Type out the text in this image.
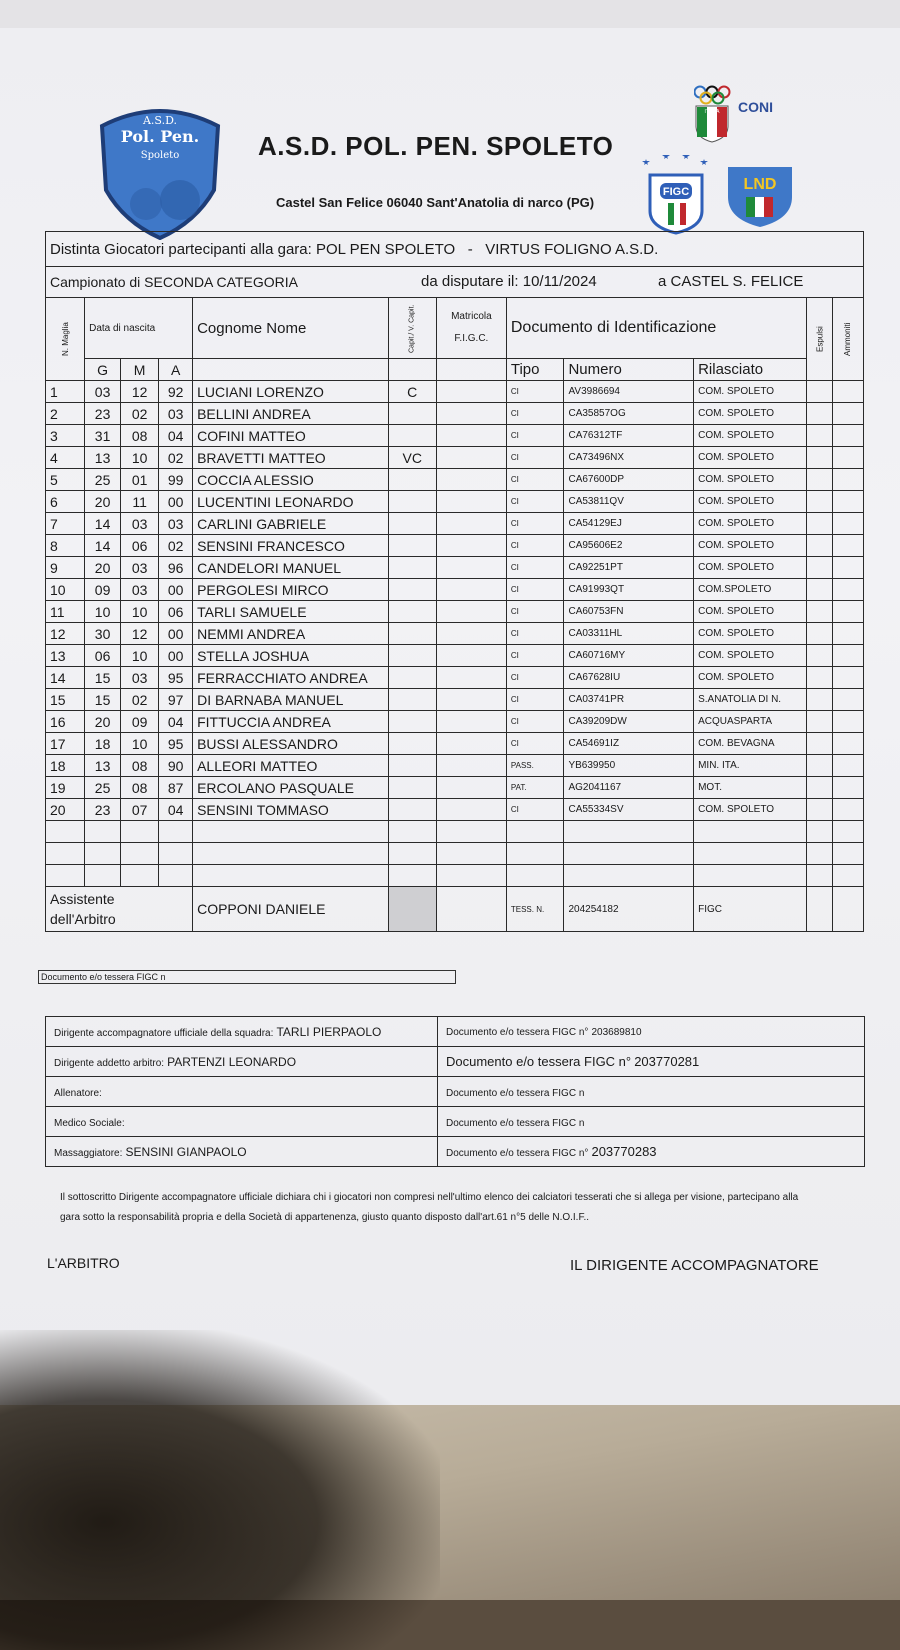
A.S.D.
Pol. Pen.
Spoleto	A.S.D. POL. PEN. SPOLETO
Castel San Felice 06040 Sant'Anatolia di narco (PG)
ITALIA CONI
FIGC	LND
Distinta Giocatori partecipanti alla gara: POL PEN SPOLETO - VIRTUS FOLIGNO A.S.D.											
Campionato di SECONDA CATEGORIA da disputare il: 10/11/2024 a CASTEL S. FELICE											

N. Maglia	Data di nascita			Cognome Nome	Capit./ V. Capit.	Matricola
F.I.G.C.	Documento di Identificazione			Espulsi	Ammoniti
	G	M	A				Tipo	Numero	Rilasciato		
1	03	12	92	LUCIANI LORENZO	C		CI	AV3986694	COM. SPOLETO		
2	23	02	03	BELLINI ANDREA			CI	CA35857OG	COM. SPOLETO		
3	31	08	04	COFINI MATTEO			CI	CA76312TF	COM. SPOLETO		
4	13	10	02	BRAVETTI MATTEO	VC		CI	CA73496NX	COM. SPOLETO		
5	25	01	99	COCCIA ALESSIO			CI	CA67600DP	COM. SPOLETO		
6	20	11	00	LUCENTINI LEONARDO			CI	CA53811QV	COM. SPOLETO		
7	14	03	03	CARLINI GABRIELE			CI	CA54129EJ	COM. SPOLETO		
8	14	06	02	SENSINI FRANCESCO			CI	CA95606E2	COM. SPOLETO		
9	20	03	96	CANDELORI MANUEL			CI	CA92251PT	COM. SPOLETO		
10	09	03	00	PERGOLESI MIRCO			CI	CA91993QT	COM.SPOLETO		
11	10	10	06	TARLI SAMUELE			CI	CA60753FN	COM. SPOLETO		
12	30	12	00	NEMMI ANDREA			CI	CA03311HL	COM. SPOLETO		
13	06	10	00	STELLA JOSHUA			CI	CA60716MY	COM. SPOLETO		
14	15	03	95	FERRACCHIATO ANDREA			CI	CA67628IU	COM. SPOLETO		
15	15	02	97	DI BARNABA MANUEL			CI	CA03741PR	S.ANATOLIA DI N.		
16	20	09	04	FITTUCCIA ANDREA			CI	CA39209DW	ACQUASPARTA		
17	18	10	95	BUSSI ALESSANDRO			CI	CA54691IZ	COM. BEVAGNA		
18	13	08	90	ALLEORI MATTEO			PASS.	YB639950	MIN. ITA.		
19	25	08	87	ERCOLANO PASQUALE			PAT.	AG2041167	MOT.		
20	23	07	04	SENSINI TOMMASO			CI	CA55334SV	COM. SPOLETO		

Assistente
dell'Arbitro				COPPONI DANIELE			TESS. N.	204254182	FIGC		
Documento e/o tessera FIGC n
Dirigente accompagnatore ufficiale della squadra: TARLI PIERPAOLO	Documento e/o tessera FIGC n° 203689810
Dirigente addetto arbitro: PARTENZI LEONARDO	Documento e/o tessera FIGC n° 203770281
Allenatore:	Documento e/o tessera FIGC n
Medico Sociale:	Documento e/o tessera FIGC n
Massaggiatore: SENSINI GIANPAOLO	Documento e/o tessera FIGC n° 203770283
Il sottoscritto Dirigente accompagnatore ufficiale dichiara chi i giocatori non compresi nell'ultimo elenco dei calciatori tesserati che si allega per visione, partecipano alla
gara sotto la responsabilità propria e della Società di appartenenza, giusto quanto disposto dall'art.61 n°5 delle N.O.I.F..
L'ARBITRO	IL DIRIGENTE ACCOMPAGNATORE
